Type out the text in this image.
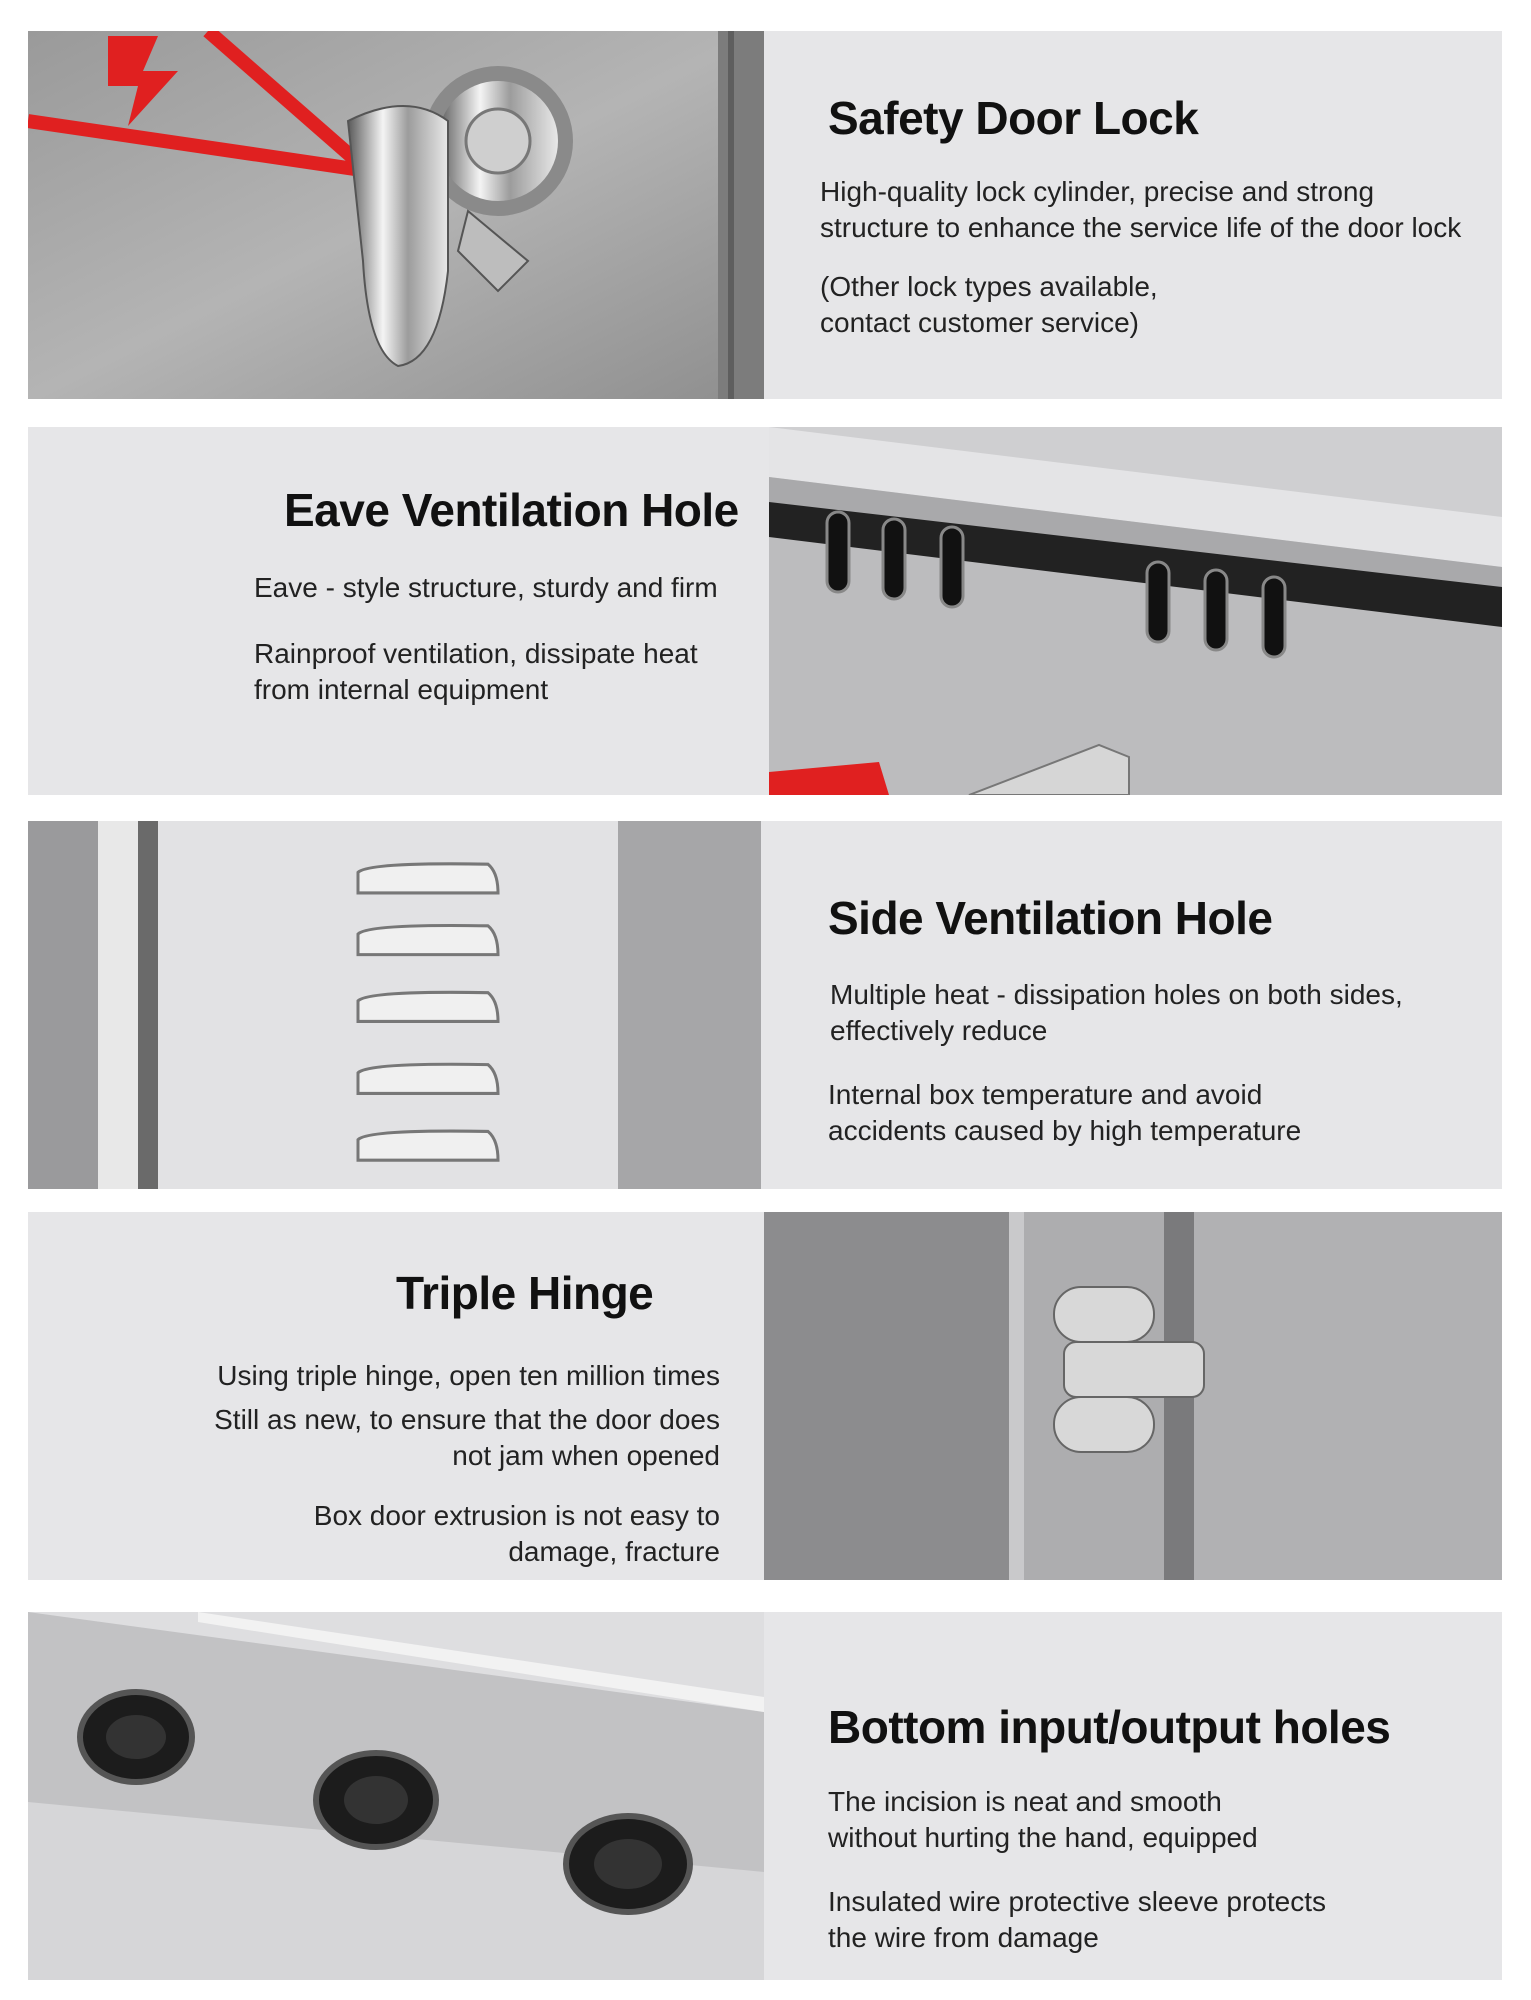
Safety Door Lock
High-quality lock cylinder, precise and strong
structure to enhance the service life of the door lock
(Other lock types available,
contact customer service)
Eave Ventilation Hole
Eave - style structure, sturdy and firm
Rainproof ventilation, dissipate heat
from internal equipment
Side Ventilation Hole
Multiple heat - dissipation holes on both sides,
effectively reduce
Internal box temperature and avoid
accidents caused by high temperature
Triple Hinge
Using triple hinge, open ten million times
Still as new, to ensure that the door does
not jam when opened
Box door extrusion is not easy to
damage, fracture
Bottom input/output holes
The incision is neat and smooth
without hurting the hand, equipped
Insulated wire protective sleeve protects
the wire from damage
